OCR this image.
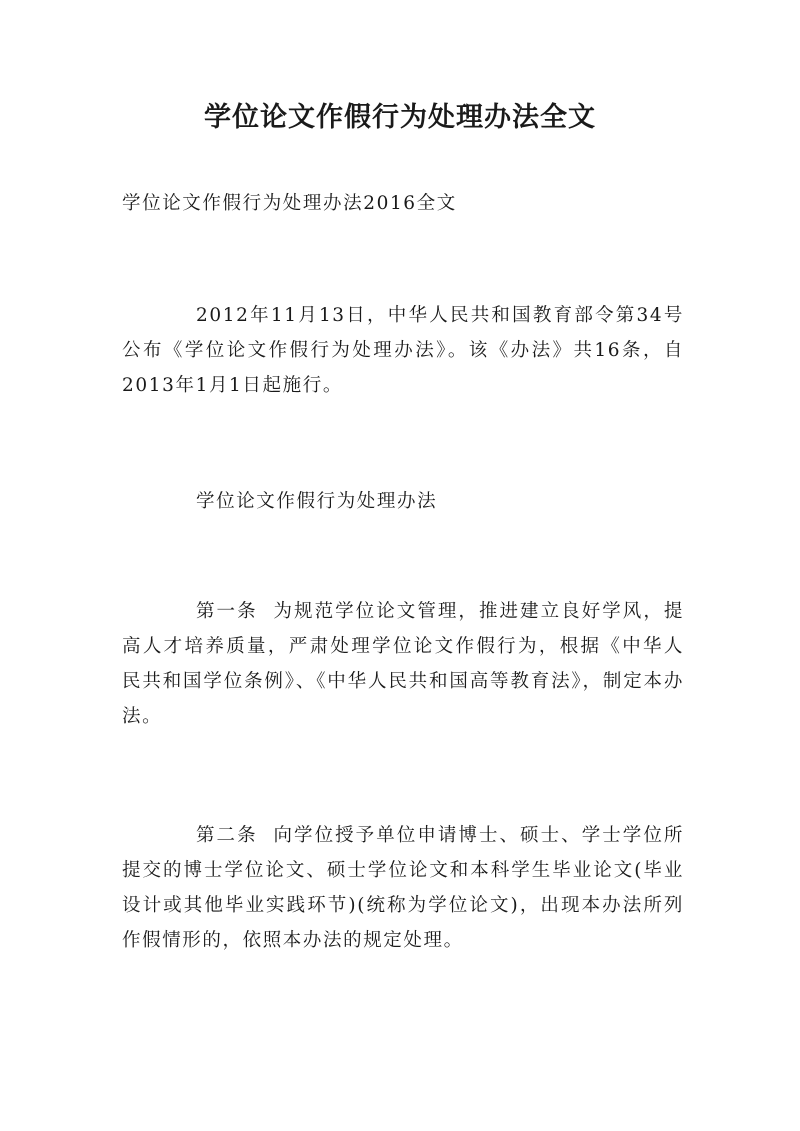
学位论文作假行为处理办法全文
学位论文作假行为处理办法2016全文
2012年11月13日，中华人民共和国教育部令第34号公布《学位论文作假行为处理办法》。该《办法》共16条，自2013年1月1日起施行。
学位论文作假行为处理办法
第一条 为规范学位论文管理，推进建立良好学风，提高人才培养质量，严肃处理学位论文作假行为，根据《中华人民共和国学位条例》、《中华人民共和国高等教育法》，制定本办法。
第二条 向学位授予单位申请博士、硕士、学士学位所提交的博士学位论文、硕士学位论文和本科学生毕业论文(毕业设计或其他毕业实践环节)(统称为学位论文)，出现本办法所列作假情形的，依照本办法的规定处理。
